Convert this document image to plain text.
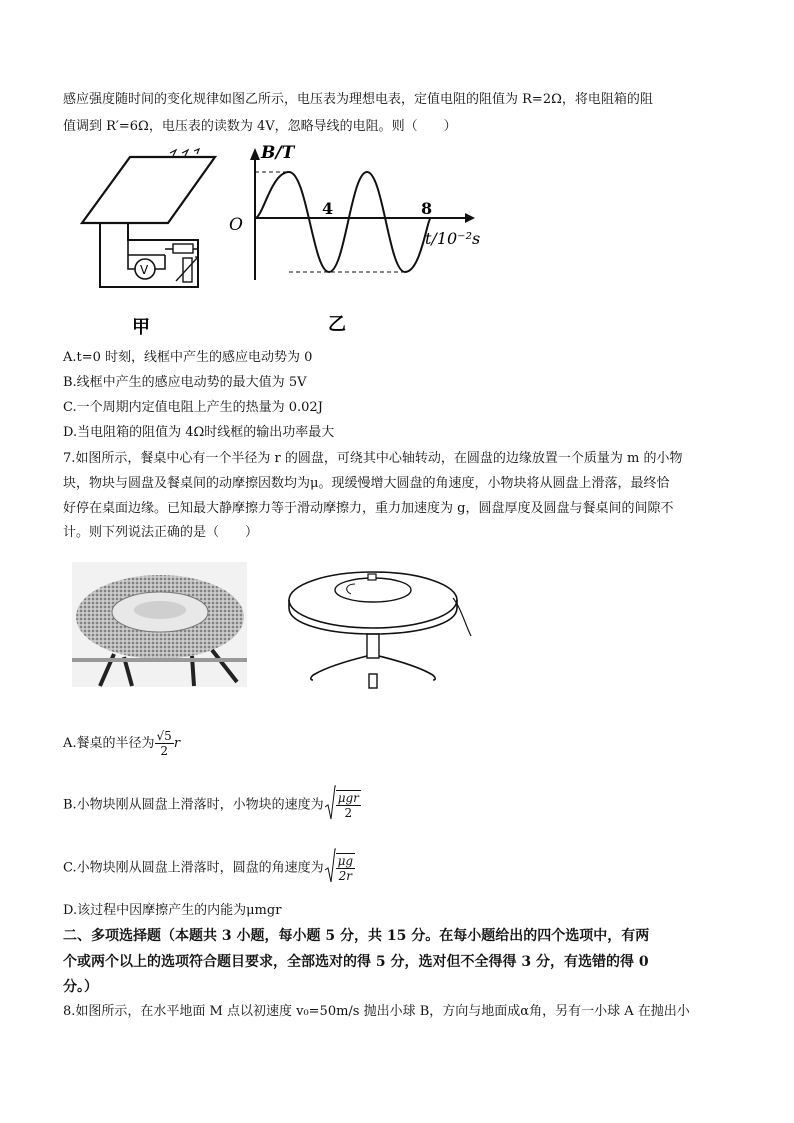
感应强度随时间的变化规律如图乙所示，电压表为理想电表，定值电阻的阻值为 R=2Ω，将电阻箱的阻
值调到 R′=6Ω，电压表的读数为 4V，忽略导线的电阻。则（　　）
V
甲
B/T
O
4	8
t/10⁻²s
乙
A.t=0 时刻，线框中产生的感应电动势为 0
B.线框中产生的感应电动势的最大值为 5V
C.一个周期内定值电阻上产生的热量为 0.02J
D.当电阻箱的阻值为 4Ω时线框的输出功率最大
7.如图所示，餐桌中心有一个半径为 r 的圆盘，可绕其中心轴转动，在圆盘的边缘放置一个质量为 m 的小物
块，物块与圆盘及餐桌间的动摩擦因数均为μ。现缓慢增大圆盘的角速度，小物块将从圆盘上滑落，最终恰
好停在桌面边缘。已知最大静摩擦力等于滑动摩擦力，重力加速度为 g，圆盘厚度及圆盘与餐桌间的间隙不
计。则下列说法正确的是（　　）
A.餐桌的半径为 $\frac{√5}{2}$ r
B.小物块刚从圆盘上滑落时，小物块的速度为 $\frac{\text{μgr}}{2}$
C.小物块刚从圆盘上滑落时，圆盘的角速度为 $\frac{\mu g}{2r}$
D.该过程中因摩擦产生的内能为μmgr
二、多项选择题（本题共 3 小题，每小题 5 分，共 15 分。在每小题给出的四个选项中，有两
个或两个以上的选项符合题目要求，全部选对的得 5 分，选对但不全得得 3 分，有选错的得 0
分。）
8.如图所示，在水平地面 M 点以初速度 v₀=50m/s 抛出小球 B，方向与地面成α角，另有一小球 A 在抛出小
